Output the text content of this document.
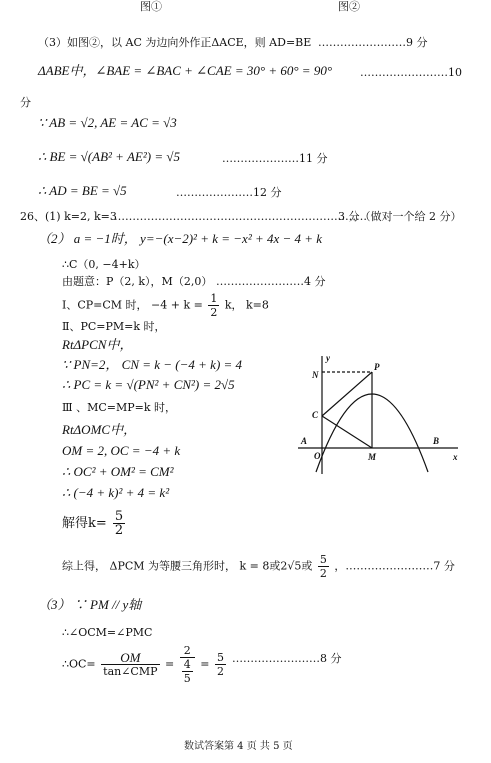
图①	图②
（3）如图②，以 AC 为边向外作正ΔACE，则 AD=BE ……………………9 分
ΔABE中，∠BAE = ∠BAC + ∠CAE = 30° + 60° = 90°	……………………10
分
∵ AB = √2, AE = AC = √3
∴ BE = √(AB² + AE²) = √5	…………………11 分
∴ AD = BE = √5	…………………12 分
26、(1) k=2, k=3
……………………………………………………………
3 分（做对一个给 2 分）
（2） a = −1时， y=−(x−2)² + k = −x² + 4x − 4 + k
∴C（0, −4+k）
由题意：P（2, k），M（2,0） ……………………4 分
Ⅰ、CP=CM 时， $-4 + k = \frac{1}{2}$ k， k=8
Ⅱ、PC=PM=k 时，
RtΔPCN中，
∵ PN=2， CN = k − (−4 + k) = 4
∴ PC = k = √(PN² + CN²) = 2√5
Ⅲ 、MC=MP=k 时，
RtΔOMC中，
OM = 2, OC = −4 + k
∴ OC² + OM² = CM²
∴ (−4 + k)² + 4 = k²
解得$k= \frac{5}{2}$
综上得， ΔPCM 为等腰三角形时， k = 8或2√5或 $\frac{5}{2}$ ，……………………7 分
（3） ∵ PM // y轴
∴∠OCM=∠PMC
∴OC= $\frac{OM}{\text{tan∠CMP}} = \frac{2}{\frac{4}{5}} = \frac{5}{2}$ ……………………8 分
y
x
N
P
C
A
O
B
M
数试答案第 4 页 共 5 页
